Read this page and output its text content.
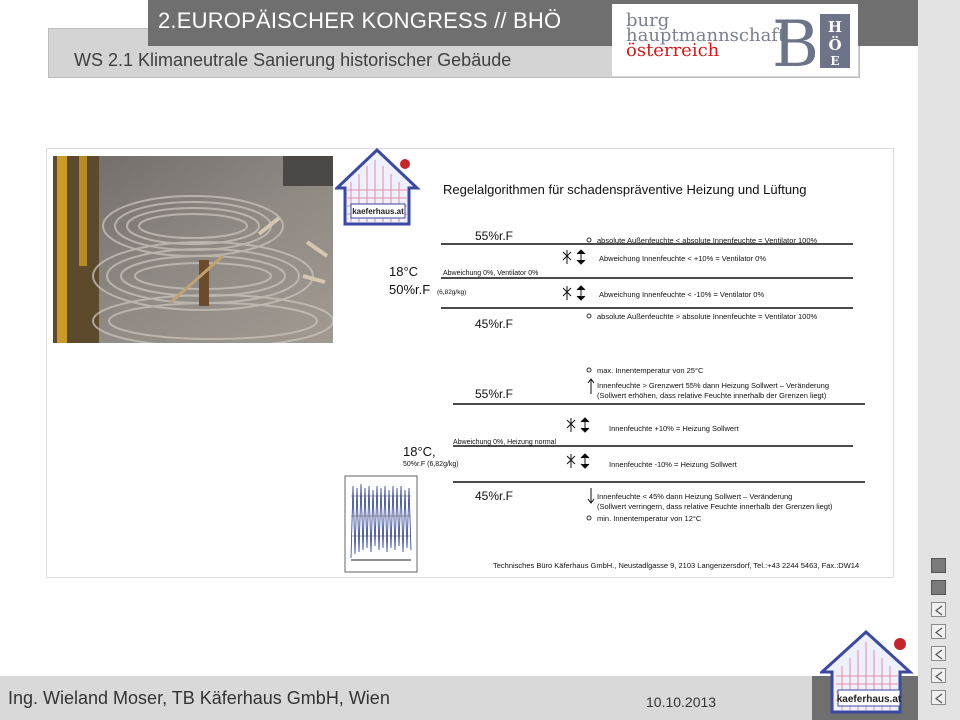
2.EUROPÄISCHER KONGRESS // BHÖ
WS 2.1 Klimaneutrale Sanierung historischer Gebäude
burg
hauptmannschaft
österreich B H
Ö
E
kaeferhaus.at
Regelalgorithmen für schadenspräventive Heizung und Lüftung
55%r.F	absolute Außenfeuchte < absolute Innenfeuchte = Ventilator 100%
Abweichung Innenfeuchte < +10% = Ventilator 0%
18°C	Abweichung 0%, Ventilator 0%
50%r.F (6,82g/kg)	Abweichung Innenfeuchte < -10% = Ventilator 0%
absolute Außenfeuchte > absolute Innenfeuchte = Ventilator 100%
45%r.F
max. Innentemperatur von 25°C
Innenfeuchte > Grenzwert 55% dann Heizung Sollwert – Veränderung
(Sollwert erhöhen, dass relative Feuchte innerhalb der Grenzen liegt)
55%r.F
Innenfeuchte +10% = Heizung Sollwert
Abweichung 0%, Heizung normal
18°C,
50%r.F (6,82g/kg)	Innenfeuchte -10% = Heizung Sollwert
45%r.F	Innenfeuchte < 45% dann Heizung Sollwert – Veränderung
(Sollwert verringern, dass relative Feuchte innerhalb der Grenzen liegt)
min. Innentemperatur von 12°C
Technisches Büro Käferhaus GmbH., Neustadlgasse 9, 2103 Langenzersdorf, Tel.:+43 2244 5463, Fax.:DW14
Ing. Wieland Moser, TB Käferhaus GmbH, Wien	10.10.2013	kaeferhaus.at
